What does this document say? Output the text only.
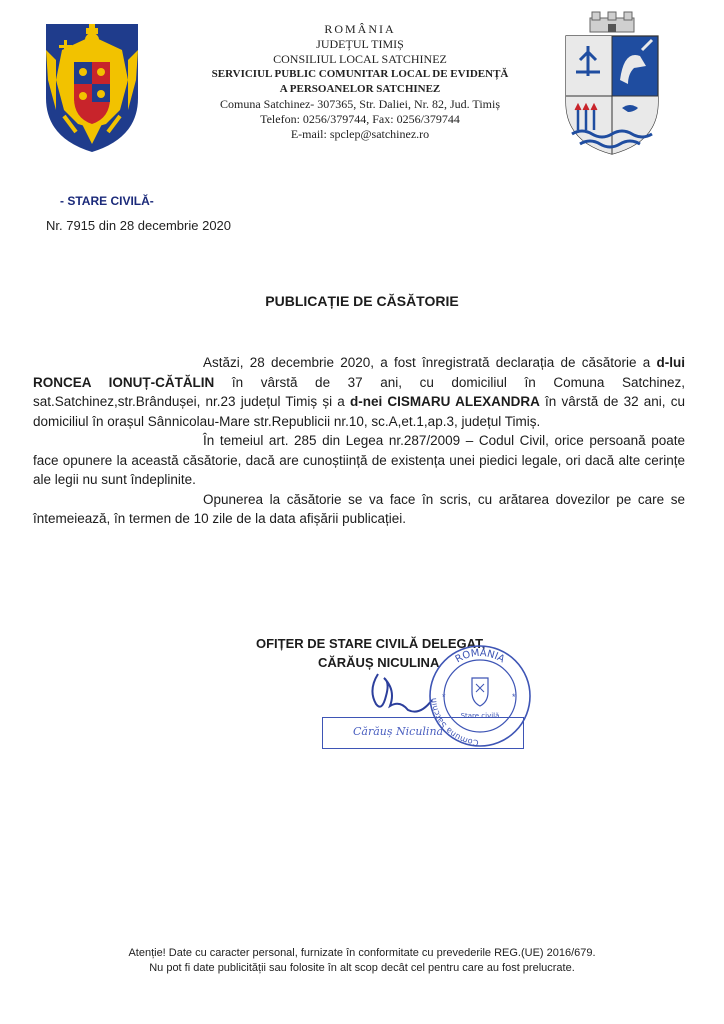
ROMÂNIA
JUDEȚUL TIMIȘ
CONSILIUL LOCAL SATCHINEZ
SERVICIUL PUBLIC COMUNITAR LOCAL DE EVIDENȚĂ
A PERSOANELOR SATCHINEZ
Comuna Satchinez- 307365, Str. Daliei, Nr. 82, Jud. Timiș
Telefon: 0256/379744, Fax: 0256/379744
E-mail: spclep@satchinez.ro
- STARE CIVILĂ-
Nr. 7915 din 28 decembrie 2020
PUBLICAȚIE DE CĂSĂTORIE

Astăzi, 28 decembrie 2020, a fost înregistrată declarația de căsătorie a d-lui RONCEA IONUȚ-CĂTĂLIN în vârstă de 37 ani, cu domiciliul în Comuna Satchinez, sat.Satchinez,str.Brândușei, nr.23 județul Timiș și a d-nei CISMARU ALEXANDRA în vârstă de 32 ani, cu domiciliul în orașul Sânnicolau-Mare str.Republicii nr.10, sc.A,et.1,ap.3, județul Timiș.

În temeiul art. 285 din Legea nr.287/2009 – Codul Civil, orice persoană poate face opunere la această căsătorie, dacă are cunoștiință de existența unei piedici legale, ori dacă alte cerințe ale legii nu sunt îndeplinite.

Opunerea la căsătorie se va face în scris, cu arătarea dovezilor pe care se întemeiează, în termen de 10 zile de la data afișării publicației.

OFIȚER DE STARE CIVILĂ DELEGAT,
CĂRĂUȘ NICULINA ROMÂNIA
Comuna Satchin
Stare civilă
*	*
Cărăuș Niculina
Atenție! Date cu caracter personal, furnizate în conformitate cu prevederile REG.(UE) 2016/679.
Nu pot fi date publicității sau folosite în alt scop decât cel pentru care au fost prelucrate.
